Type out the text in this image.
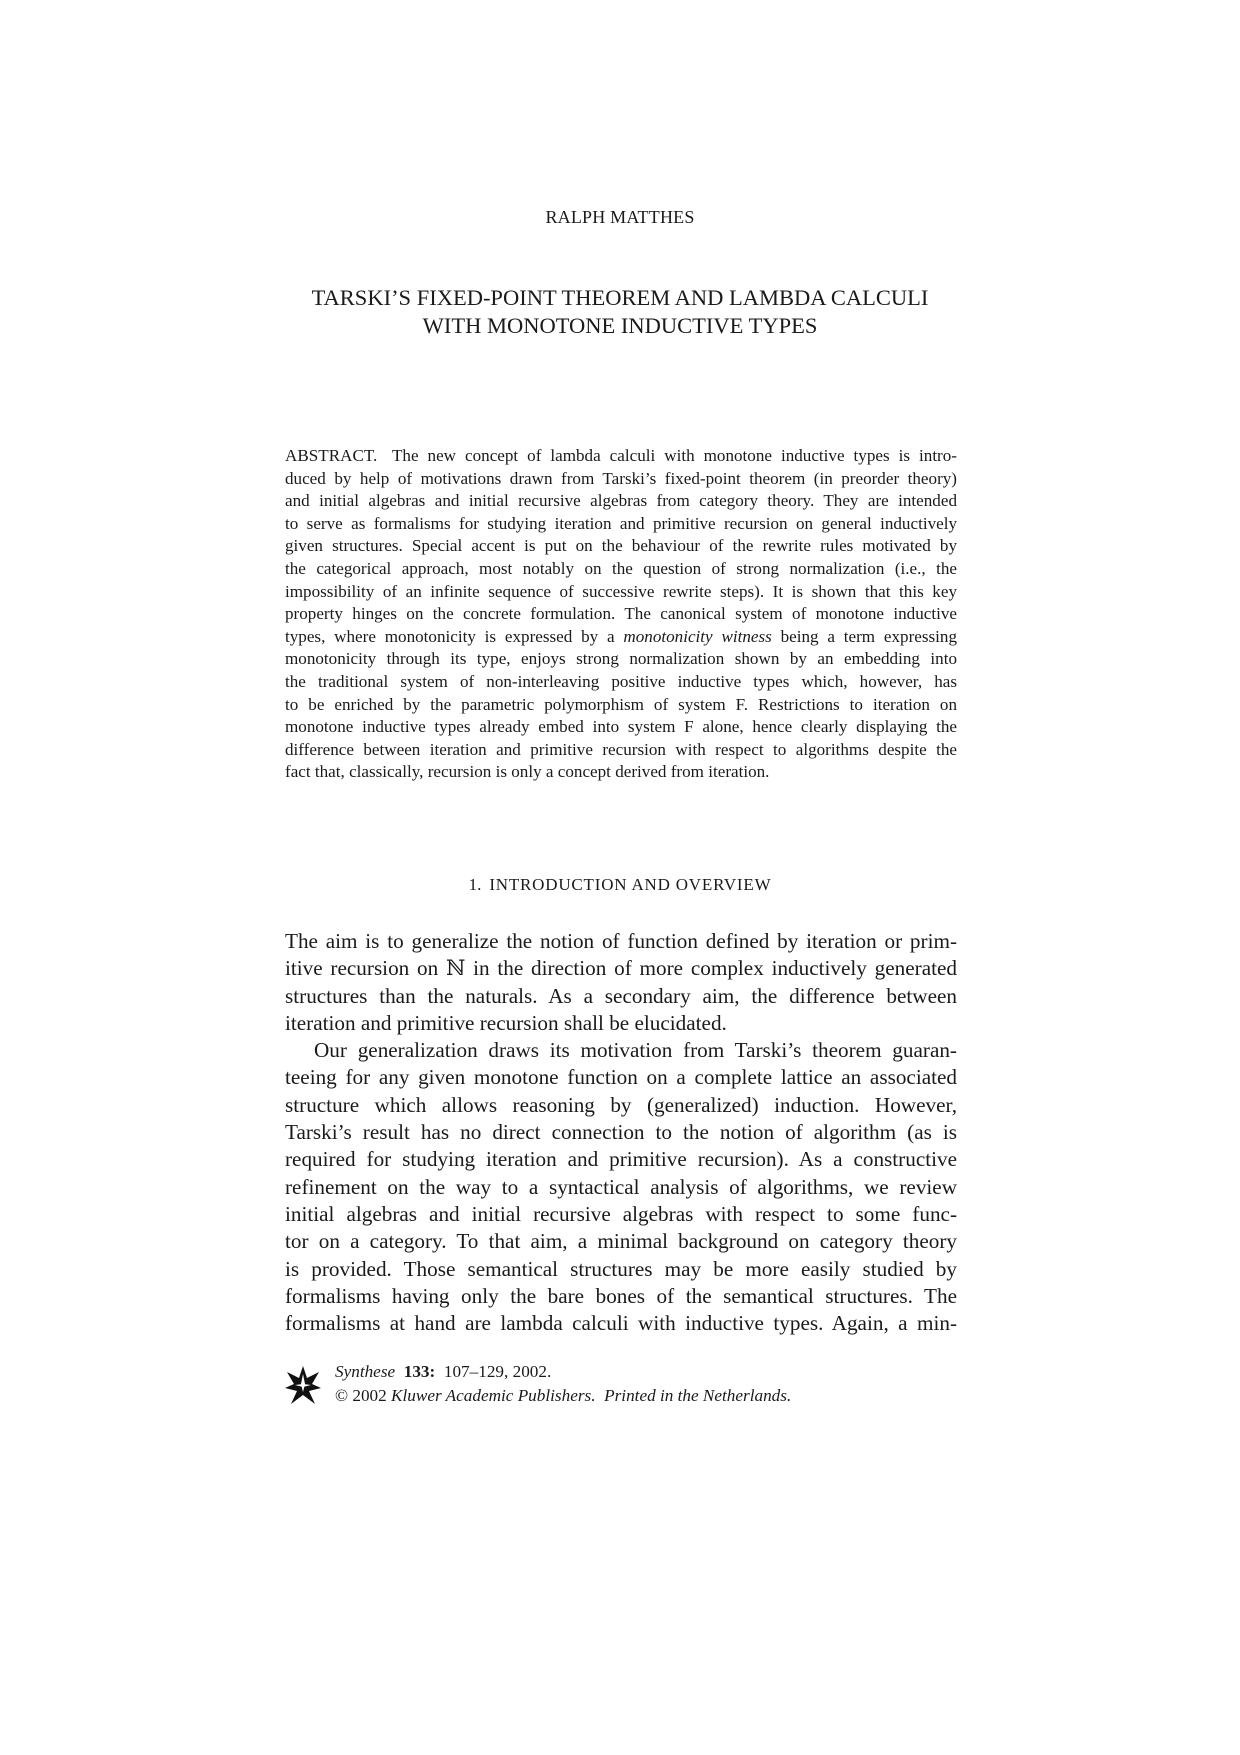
RALPH MATTHES
TARSKI’S FIXED-POINT THEOREM AND LAMBDA CALCULI
WITH MONOTONE INDUCTIVE TYPES
ABSTRACT. The new concept of lambda calculi with monotone inductive types is intro-
duced by help of motivations drawn from Tarski’s fixed-point theorem (in preorder theory)
and initial algebras and initial recursive algebras from category theory. They are intended
to serve as formalisms for studying iteration and primitive recursion on general inductively
given structures. Special accent is put on the behaviour of the rewrite rules motivated by
the categorical approach, most notably on the question of strong normalization (i.e., the
impossibility of an infinite sequence of successive rewrite steps). It is shown that this key
property hinges on the concrete formulation. The canonical system of monotone inductive
types, where monotonicity is expressed by a monotonicity witness being a term expressing
monotonicity through its type, enjoys strong normalization shown by an embedding into
the traditional system of non-interleaving positive inductive types which, however, has
to be enriched by the parametric polymorphism of system F. Restrictions to iteration on
monotone inductive types already embed into system F alone, hence clearly displaying the
difference between iteration and primitive recursion with respect to algorithms despite the
fact that, classically, recursion is only a concept derived from iteration.
1. INTRODUCTION AND OVERVIEW
The aim is to generalize the notion of function defined by iteration or prim-
itive recursion on ℕ in the direction of more complex inductively generated
structures than the naturals. As a secondary aim, the difference between
iteration and primitive recursion shall be elucidated.
Our generalization draws its motivation from Tarski’s theorem guaran-
teeing for any given monotone function on a complete lattice an associated
structure which allows reasoning by (generalized) induction. However,
Tarski’s result has no direct connection to the notion of algorithm (as is
required for studying iteration and primitive recursion). As a constructive
refinement on the way to a syntactical analysis of algorithms, we review
initial algebras and initial recursive algebras with respect to some func-
tor on a category. To that aim, a minimal background on category theory
is provided. Those semantical structures may be more easily studied by
formalisms having only the bare bones of the semantical structures. The
formalisms at hand are lambda calculi with inductive types. Again, a min-
Synthese 133: 107–129, 2002.
© 2002 Kluwer Academic Publishers. Printed in the Netherlands.
